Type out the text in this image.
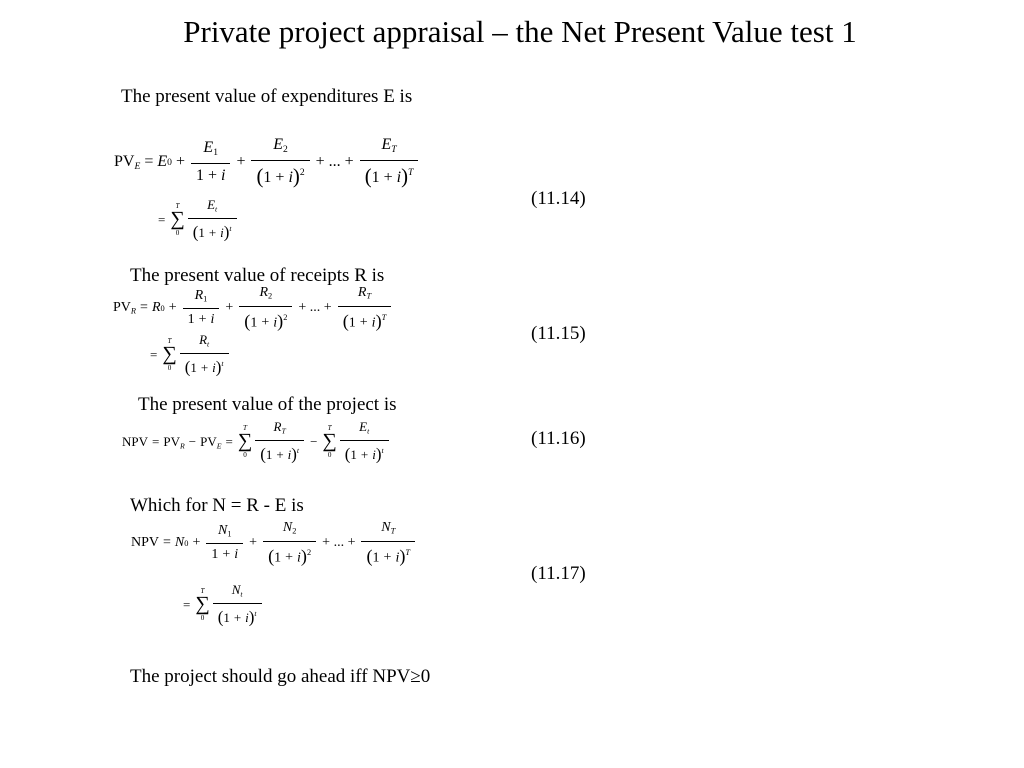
Private project appraisal – the Net Present Value test 1
The present value of expenditures E is
PVE = E $0 + \frac{E1}{1 + i} + \frac{E2}{(1 + i)^2}$ + ... + $\frac{ET}{(1 + i)^T}$
=
T
∑
$0 \frac{Et}{(1 + i)^t}$	(11.14)
The present value of receipts R is
PVR = R $0 + \frac{R1}{1 + i} + \frac{R2}{(1 + i)^2}$ + ... + $\frac{RT}{(1 + i)^T}$
=
T
∑
$0 \frac{Rt}{(1 + i)^t}$	(11.15)
The present value of the project is
NPV = PVR − PVE =
T
∑
$0 \frac{RT}{(1 + i)^t}$ −
T
∑
$0 \frac{Et}{(1 + i)^t}$	(11.16)
Which for N = R - E is
NPV = N $0 + \frac{N1}{1 + i} + \frac{N2}{(1 + i)^2}$ + ... + $\frac{NT}{(1 + i)^T}$
=
T
∑
$0 \frac{Nt}{(1 + i)^t}$
(11.17)
The project should go ahead iff NPV≥0
